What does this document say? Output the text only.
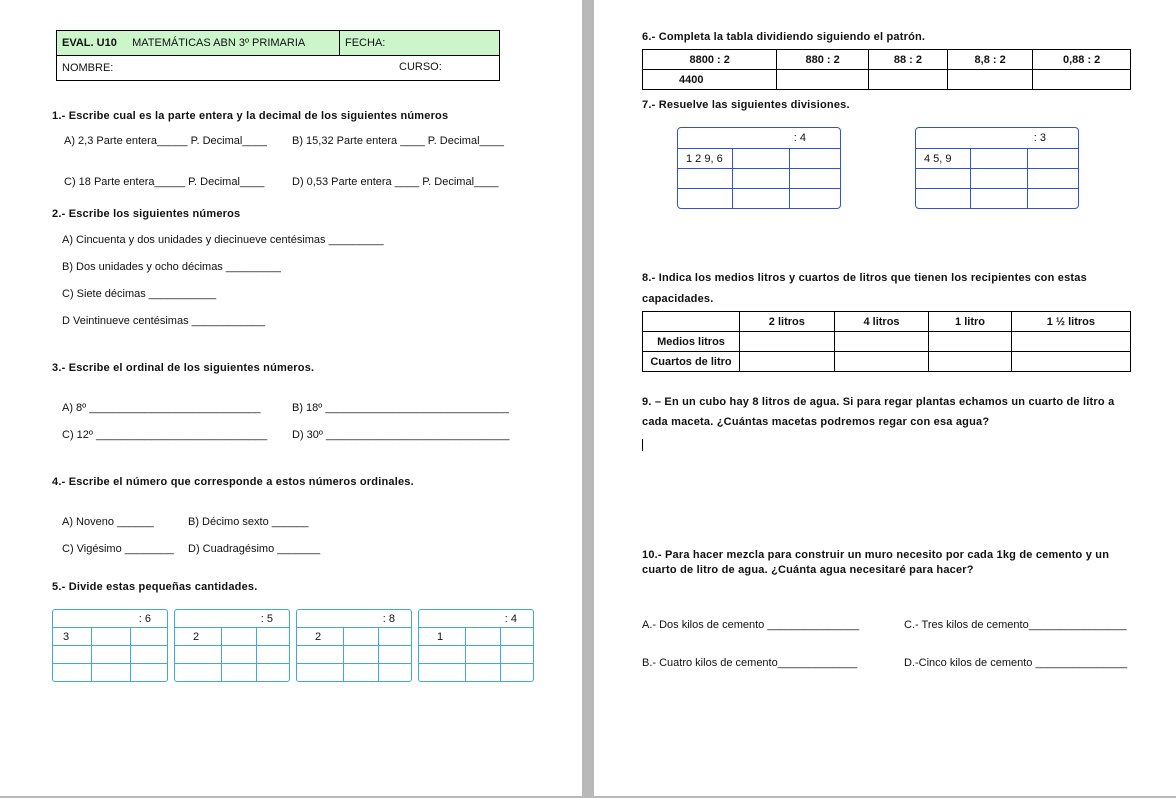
EVAL. U10 MATEMÁTICAS ABN 3º PRIMARIA	FECHA:
NOMBRE:	CURSO:
1.- Escribe cual es la parte entera y la decimal de los siguientes números
A) 2,3 Parte entera_____ P. Decimal____ B) 15,32 Parte entera ____ P. Decimal____
C) 18 Parte entera_____ P. Decimal____	D) 0,53 Parte entera ____ P. Decimal____
2.- Escribe los siguientes números
A) Cincuenta y dos unidades y diecinueve centésimas _________
B) Dos unidades y ocho décimas _________
C) Siete décimas ___________
D Veintinueve centésimas ____________
3.- Escribe el ordinal de los siguientes números.
A) 8º ____________________________	B) 18º ______________________________
C) 12º ____________________________ D) 30º ______________________________
4.- Escribe el número que corresponde a estos números ordinales.
A) Noveno ______	B) Décimo sexto ______
C) Vigésimo ________ D) Cuadragésimo _______
5.- Divide estas pequeñas cantidades.
: 6		
3		

: 5		
2		

: 8		
2		

: 4		
1		

6.- Completa la tabla dividiendo siguiendo el patrón.
8800 : 2	880 : 2	88 : 2	8,8 : 2	0,88 : 2
4400				
7.- Resuelve las siguientes divisiones.
: 4		
1 2 9, 6		

: 3		
4 5, 9		

8.- Indica los medios litros y cuartos de litros que tienen los recipientes con estas
capacidades.
	2 litros	4 litros	1 litro	1 ½ litros
Medios litros				
Cuartos de litro				
9. – En un cubo hay 8 litros de agua. Si para regar plantas echamos un cuarto de litro a
cada maceta. ¿Cuántas macetas podremos regar con esa agua?
10.- Para hacer mezcla para construir un muro necesito por cada 1kg de cemento y un
cuarto de litro de agua. ¿Cuánta agua necesitaré para hacer?
A.- Dos kilos de cemento _______________	C.- Tres kilos de cemento________________
B.- Cuatro kilos de cemento_____________	D.-Cinco kilos de cemento _______________
